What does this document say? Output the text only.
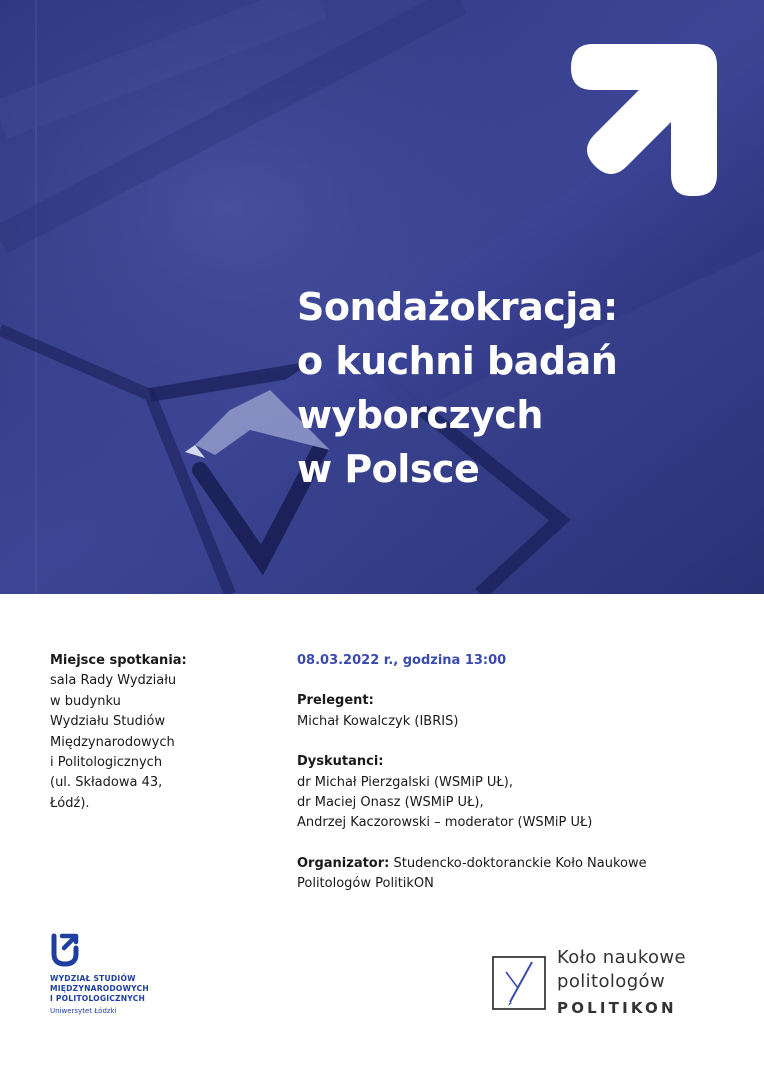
Sondażokracja:
o kuchni badań
wyborczych
w Polsce
Miejsce spotkania:
sala Rady Wydziału
w budynku
Wydziału Studiów
Międzynarodowych
i Politologicznych
(ul. Składowa 43,
Łódź).
08.03.2022 r., godzina 13:00
Prelegent:
Michał Kowalczyk (IBRIS)
Dyskutanci:
dr Michał Pierzgalski (WSMiP UŁ),
dr Maciej Onasz (WSMiP UŁ),
Andrzej Kaczorowski – moderator (WSMiP UŁ)
Organizator: Studencko-doktoranckie Koło Naukowe
Politologów PolitikON
WYDZIAŁ STUDIÓW
MIĘDZYNARODOWYCH
I POLITOLOGICZNYCH
Uniwersytet Łódzki
Koło naukowe
politologów
POLITIKON
